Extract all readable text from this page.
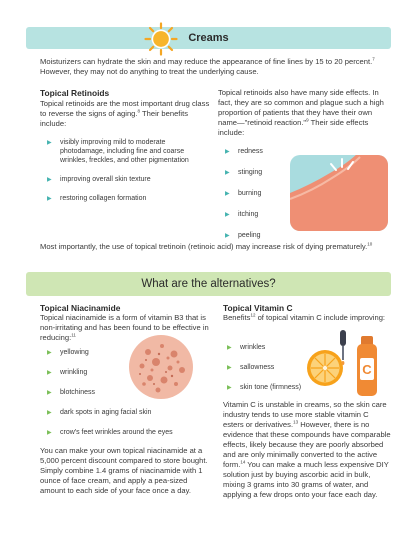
Creams

Moisturizers can hydrate the skin and may reduce the appearance of fine lines by 15 to 20 percent.$^7$ However, they may not do anything to treat the underlying cause.

Topical Retinoids

Topical retinoids are the most important drug class to reverse the signs of aging.$^8$ Their benefits include:

▶ visibly improving mild to moderate photodamage, including fine and coarse wrinkles, freckles, and other pigmentation
▶ improving overall skin texture
▶ restoring collagen formation

Topical retinoids also have many side effects. In fact, they are so common and plague such a high proportion of patients that they have their own name—"retinoid reaction."$^9$ Their side effects include:

▶ redness
▶ stinging
▶ burning
▶ itching
▶ peeling

Most importantly, the use of topical tretinoin (retinoic acid) may increase risk of dying prematurely.$^{10}$

What are the alternatives?
Topical Niacinamide

Topical niacinamide is a form of vitamin B3 that is non-irritating and has been found to be effective in reducing:$^{11}$

▶ yellowing
▶ wrinkling
▶ blotchiness
▶ dark spots in aging facial skin
▶ crow's feet wrinkles around the eyes

You can make your own topical niacinamide at a 5,000 percent discount compared to store bought. Simply combine 1.4 grams of niacinamide with 1 ounce of face cream, and apply a pea-sized amount to each side of your face once a day.

Topical Vitamin C

Benefits$^{12}$ of topical vitamin C include improving:

▶ wrinkles
▶ sallowness
▶ skin tone (firmness)
C

Vitamin C is unstable in creams, so the skin care industry tends to use more stable vitamin C esters or derivatives.$^{13}$ However, there is no evidence that these compounds have comparable effects, likely because they are poorly absorbed and are only minimally converted to the active form.$^{14}$ You can make a much less expensive DIY solution just by buying ascorbic acid in bulk, mixing 3 grams into 30 grams of water, and applying a few drops onto your face each day.
